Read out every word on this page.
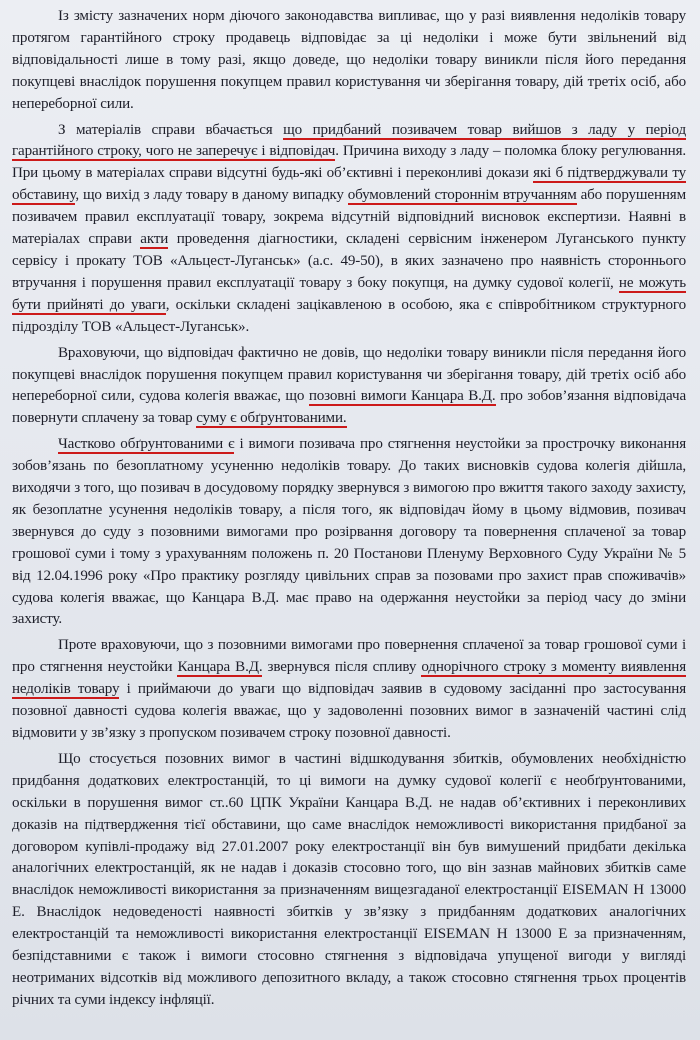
Із змісту зазначених норм діючого законодавства випливає, що у разі виявлення недоліків товару протягом гарантійного строку продавець відповідає за ці недоліки і може бути звільнений від відповідальності лише в тому разі, якщо доведе, що недоліки товару виникли після його передання покупцеві внаслідок порушення покупцем правил користування чи зберігання товару, дій третіх осіб, або непереборної сили.

З матеріалів справи вбачається що придбаний позивачем товар вийшов з ладу у період гарантійного строку, чого не заперечує і відповідач. Причина виходу з ладу – поломка блоку регулювання. При цьому в матеріалах справи відсутні будь-які об’єктивні і переконливі докази які б підтверджували ту обставину, що вихід з ладу товару в даному випадку обумовлений стороннім втручанням або порушенням позивачем правил експлуатації товару, зокрема відсутній відповідний висновок експертизи. Наявні в матеріалах справи акти проведення діагностики, складені сервісним інженером Луганського пункту сервісу і прокату ТОВ «Альцест-Луганськ» (а.с. 49-50), в яких зазначено про наявність стороннього втручання і порушення правил експлуатації товару з боку покупця, на думку судової колегії, не можуть бути прийняті до уваги, оскільки складені зацікавленою в особою, яка є співробітником структурного підрозділу ТОВ «Альцест-Луганськ».

Враховуючи, що відповідач фактично не довів, що недоліки товару виникли після передання його покупцеві внаслідок порушення покупцем правил користування чи зберігання товару, дій третіх осіб або непереборної сили, судова колегія вважає, що позовні вимоги Канцара В.Д. про зобов’язання відповідача повернути сплачену за товар суму є обґрунтованими.

Частково обґрунтованими є і вимоги позивача про стягнення неустойки за прострочку виконання зобов’язань по безоплатному усуненню недоліків товару. До таких висновків судова колегія дійшла, виходячи з того, що позивач в досудовому порядку звернувся з вимогою про вжиття такого заходу захисту, як безоплатне усунення недоліків товару, а після того, як відповідач йому в цьому відмовив, позивач звернувся до суду з позовними вимогами про розірвання договору та повернення сплаченої за товар грошової суми і тому з урахуванням положень п. 20 Постанови Пленуму Верховного Суду України № 5 від 12.04.1996 року «Про практику розгляду цивільних справ за позовами про захист прав споживачів» судова колегія вважає, що Канцара В.Д. має право на одержання неустойки за період часу до зміни захисту.

Проте враховуючи, що з позовними вимогами про повернення сплаченої за товар грошової суми і про стягнення неустойки Канцара В.Д. звернувся після спливу однорічного строку з моменту виявлення недоліків товару і приймаючи до уваги що відповідач заявив в судовому засіданні про застосування позовної давності судова колегія вважає, що у задоволенні позовних вимог в зазначеній частині слід відмовити у зв’язку з пропуском позивачем строку позовної давності.

Що стосується позовних вимог в частині відшкодування збитків, обумовлених необхідністю придбання додаткових електростанцій, то ці вимоги на думку судової колегії є необґрунтованими, оскільки в порушення вимог ст..60 ЦПК України Канцара В.Д. не надав об’єктивних і переконливих доказів на підтвердження тієї обставини, що саме внаслідок неможливості використання придбаної за договором купівлі-продажу від 27.01.2007 року електростанції він був вимушений придбати декілька аналогічних електростанцій, як не надав і доказів стосовно того, що він зазнав майнових збитків саме внаслідок неможливості використання за призначенням вищезгаданої електростанції EISEMAN H 13000 E. Внаслідок недоведеності наявності збитків у зв’язку з придбанням додаткових аналогічних електростанцій та неможливості використання електростанції EISEMAN H 13000 E за призначенням, безпідставними є також і вимоги стосовно стягнення з відповідача упущеної вигоди у вигляді неотриманих відсотків від можливого депозитного вкладу, а також стосовно стягнення трьох процентів річних та суми індексу інфляції.
